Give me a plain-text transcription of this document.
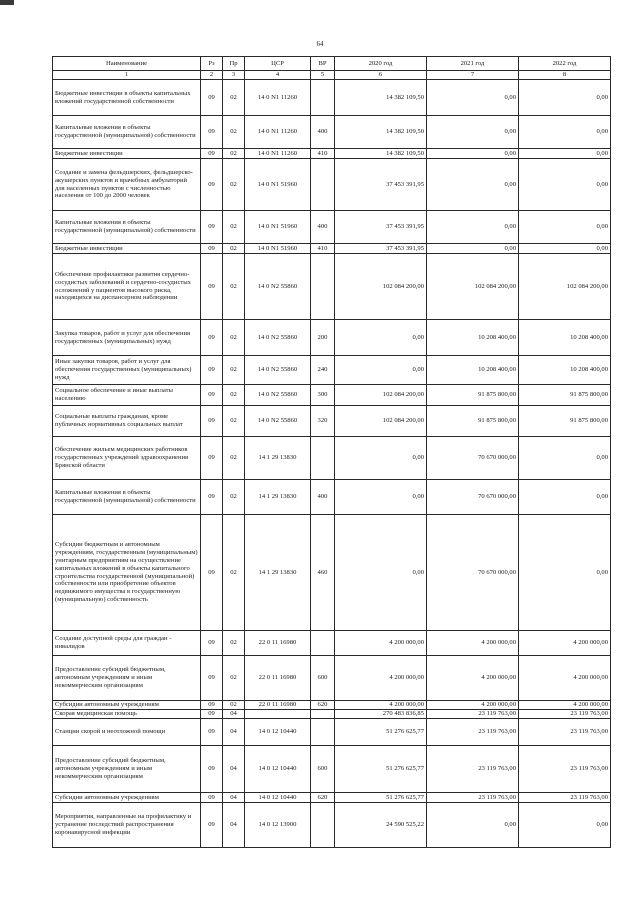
64
Наименование	Рз	Пр	ЦСР	ВР	2020 год	2021 год	2022 год
1	2	3	4	5	6	7	8
Бюджетные инвестиции в объекты капитальных вложений государственной собственности	09	02	14 0 N1 11260		14 382 109,50	0,00	0,00
Капитальные вложения в объекты государственной (муниципальной) собственности	09	02	14 0 N1 11260	400	14 382 109,50	0,00	0,00
Бюджетные инвестиции	09	02	14 0 N1 11260	410	14 382 109,50	0,00	0,00
Создание и замена фельдшерских, фельдшерско-акушерских пунктов и врачебных амбулаторий для населенных пунктов с численностью населения от 100 до 2000 человек	09	02	14 0 N1 51960		37 453 391,95	0,00	0,00
Капитальные вложения в объекты государственной (муниципальной) собственности	09	02	14 0 N1 51960	400	37 453 391,95	0,00	0,00
Бюджетные инвестиции	09	02	14 0 N1 51960	410	37 453 391,95	0,00	0,00
Обеспечение профилактики развития сердечно-сосудистых заболеваний и сердечно-сосудистых осложнений у пациентов высокого риска, находящихся на диспансерном наблюдении	09	02	14 0 N2 55860		102 084 200,00	102 084 200,00	102 084 200,00
Закупка товаров, работ и услуг для обеспечения государственных (муниципальных) нужд	09	02	14 0 N2 55860	200	0,00	10 208 400,00	10 208 400,00
Иные закупки товаров, работ и услуг для обеспечения государственных (муниципальных) нужд	09	02	14 0 N2 55860	240	0,00	10 208 400,00	10 208 400,00
Социальное обеспечение и иные выплаты населению	09	02	14 0 N2 55860	300	102 084 200,00	91 875 800,00	91 875 800,00
Социальные выплаты гражданам, кроме публичных нормативных социальных выплат	09	02	14 0 N2 55860	320	102 084 200,00	91 875 800,00	91 875 800,00
Обеспечение жильем медицинских работников государственных учреждений здравоохранения Брянской области	09	02	14 1 29 13830		0,00	70 670 000,00	0,00
Капитальные вложения в объекты государственной (муниципальной) собственности	09	02	14 1 29 13830	400	0,00	70 670 000,00	0,00
Субсидии бюджетным и автономным учреждениям, государственным (муниципальным) унитарным предприятиям на осуществление капитальных вложений в объекты капитального строительства государственной (муниципальной) собственности или приобретение объектов недвижимого имущества в государственную (муниципальную) собственность	09	02	14 1 29 13830	460	0,00	70 670 000,00	0,00
Создание доступной среды для граждан - инвалидов	09	02	22 0 11 16980		4 200 000,00	4 200 000,00	4 200 000,00
Предоставление субсидий бюджетным, автономным учреждениям и иным некоммерческим организациям	09	02	22 0 11 16980	600	4 200 000,00	4 200 000,00	4 200 000,00
Субсидии автономным учреждениям	09	02	22 0 11 16980	620	4 200 000,00	4 200 000,00	4 200 000,00
Скорая медицинская помощь	09	04			270 483 836,85	23 119 763,00	23 119 763,00
Станции скорой и неотложной помощи	09	04	14 0 12 10440		51 276 625,77	23 119 763,00	23 119 763,00
Предоставление субсидий бюджетным, автономным учреждениям и иным некоммерческим организациям	09	04	14 0 12 10440	600	51 276 625,77	23 119 763,00	23 119 763,00
Субсидии автономным учреждениям	09	04	14 0 12 10440	620	51 276 625,77	23 119 763,00	23 119 763,00
Мероприятия, направленные на профилактику и устранение последствий распространения коронавирусной инфекции	09	04	14 0 12 13900		24 590 525,22	0,00	0,00
